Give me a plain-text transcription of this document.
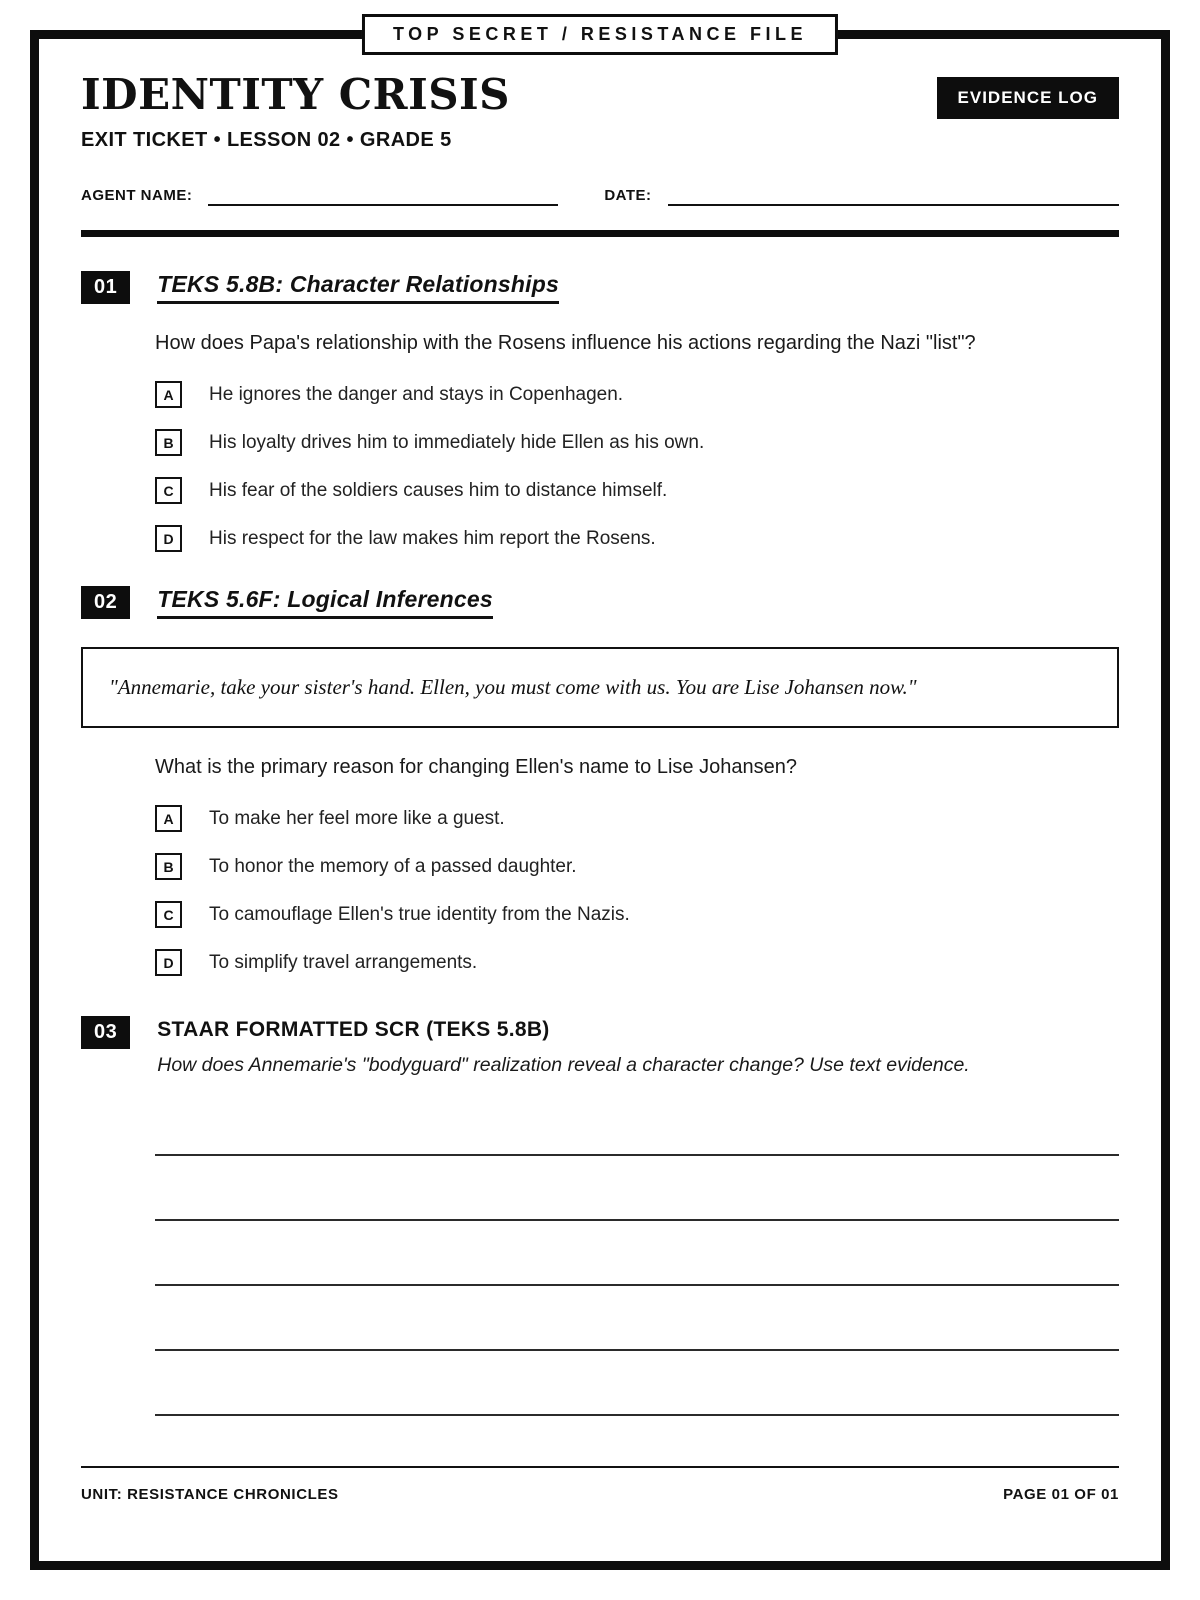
TOP SECRET / RESISTANCE FILE
IDENTITY CRISIS	EVIDENCE LOG
EXIT TICKET • LESSON 02 • GRADE 5
AGENT NAME:	DATE:
01	TEKS 5.8B: Character Relationships
How does Papa's relationship with the Rosens influence his actions regarding the Nazi "list"?
A	He ignores the danger and stays in Copenhagen.
B	His loyalty drives him to immediately hide Ellen as his own.
C	His fear of the soldiers causes him to distance himself.
D	His respect for the law makes him report the Rosens.
02	TEKS 5.6F: Logical Inferences
"Annemarie, take your sister's hand. Ellen, you must come with us. You are Lise Johansen now."
What is the primary reason for changing Ellen's name to Lise Johansen?
A	To make her feel more like a guest.
B	To honor the memory of a passed daughter.
C	To camouflage Ellen's true identity from the Nazis.
D	To simplify travel arrangements.
03	STAAR FORMATTED SCR (TEKS 5.8B)
How does Annemarie's "bodyguard" realization reveal a character change? Use text evidence.
UNIT: RESISTANCE CHRONICLES	PAGE 01 OF 01
